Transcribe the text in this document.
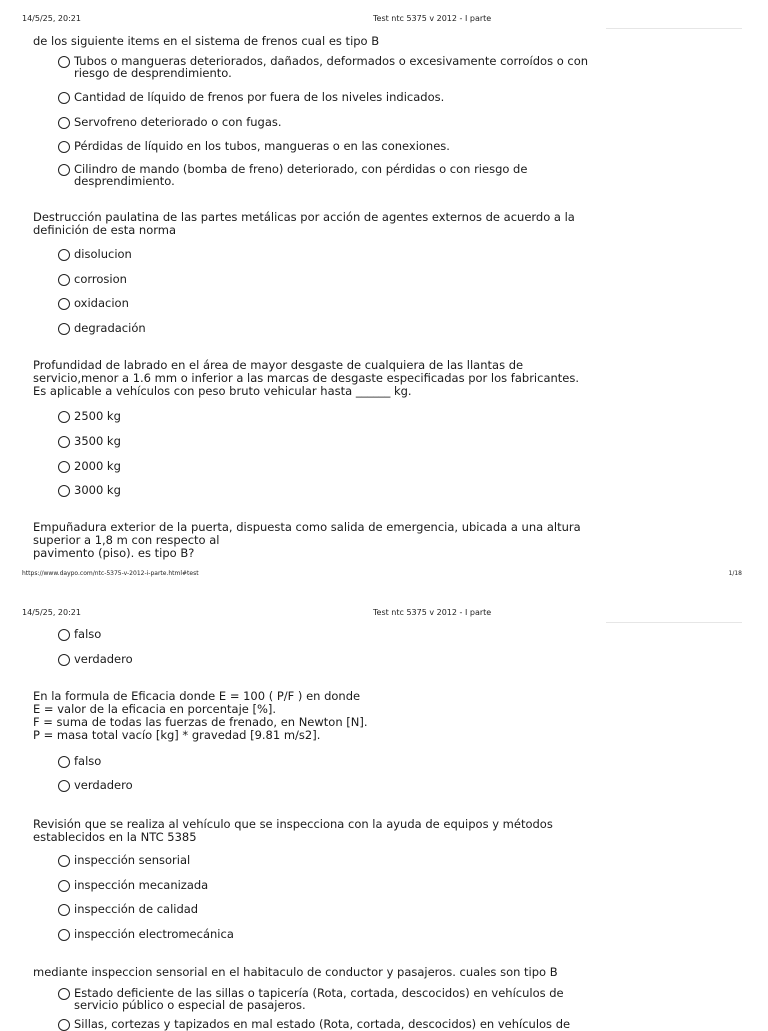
14/5/25, 20:21	Test ntc 5375 v 2012 - I parte
de los siguiente items en el sistema de frenos cual es tipo B
Tubos o mangueras deteriorados, dañados, deformados o excesivamente corroídos o con riesgo de desprendimiento.
Cantidad de líquido de frenos por fuera de los niveles indicados.
Servofreno deteriorado o con fugas.
Pérdidas de líquido en los tubos, mangueras o en las conexiones.
Cilindro de mando (bomba de freno) deteriorado, con pérdidas o con riesgo de desprendimiento.
Destrucción paulatina de las partes metálicas por acción de agentes externos de acuerdo a la
definición de esta norma
disolucion
corrosion
oxidacion
degradación
Profundidad de labrado en el área de mayor desgaste de cualquiera de las llantas de
servicio,menor a 1.6 mm o inferior a las marcas de desgaste especificadas por los fabricantes.
Es aplicable a vehículos con peso bruto vehicular hasta ______ kg.
2500 kg
3500 kg
2000 kg
3000 kg
Empuñadura exterior de la puerta, dispuesta como salida de emergencia, ubicada a una altura
superior a 1,8 m con respecto al
pavimento (piso). es tipo B?
https://www.daypo.com/ntc-5375-v-2012-i-parte.html#test	1/18
14/5/25, 20:21	Test ntc 5375 v 2012 - I parte
falso
verdadero
En la formula de Eficacia donde E = 100 ( P/F ) en donde
E = valor de la eficacia en porcentaje [%].
F = suma de todas las fuerzas de frenado, en Newton [N].
P = masa total vacío [kg] * gravedad [9.81 m/s2].
falso
verdadero
Revisión que se realiza al vehículo que se inspecciona con la ayuda de equipos y métodos
establecidos en la NTC 5385
inspección sensorial
inspección mecanizada
inspección de calidad
inspección electromecánica
mediante inspeccion sensorial en el habitaculo de conductor y pasajeros. cuales son tipo B
Estado deficiente de las sillas o tapicería (Rota, cortada, descocidos) en vehículos de servicio público o especial de pasajeros.
Sillas, cortezas y tapizados en mal estado (Rota, cortada, descocidos) en vehículos de
